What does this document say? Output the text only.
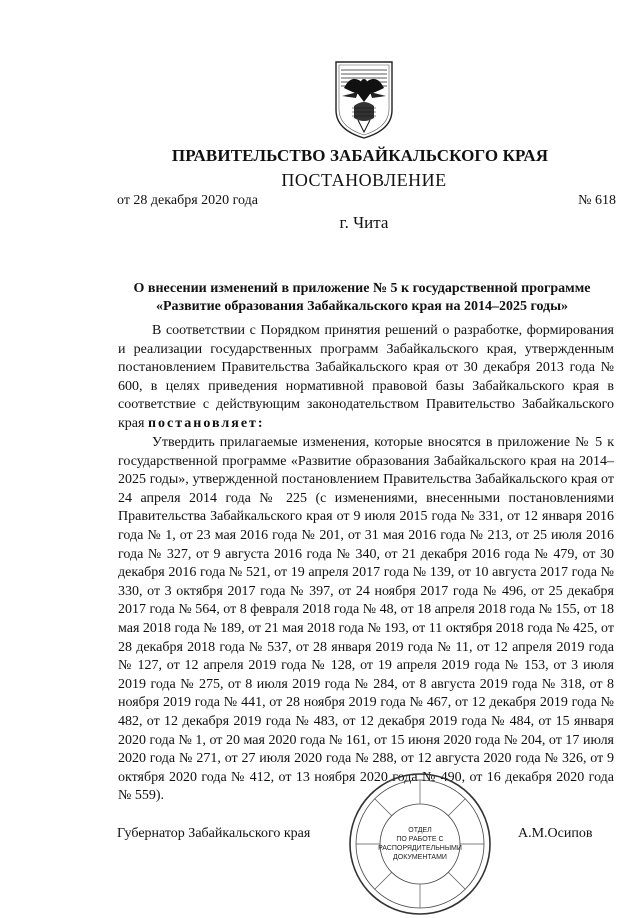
ПРАВИТЕЛЬСТВО ЗАБАЙКАЛЬСКОГО КРАЯ
ПОСТАНОВЛЕНИЕ
от 28 декабря 2020 года	№ 618
г. Чита
О внесении изменений в приложение № 5 к государственной программе
«Развитие образования Забайкальского края на 2014–2025 годы»

В соответствии с Порядком принятия решений о разработке, формирования и реализации государственных программ Забайкальского края, утвержденным постановлением Правительства Забайкальского края от 30 декабря 2013 года № 600, в целях приведения нормативной правовой базы Забайкальского края в соответствие с действующим законодательством Правительство Забайкальского края постановляет:

Утвердить прилагаемые изменения, которые вносятся в приложение № 5 к государственной программе «Развитие образования Забайкальского края на 2014–2025 годы», утвержденной постановлением Правительства Забайкальского края от 24 апреля 2014 года № 225 (с изменениями, внесенными постановлениями Правительства Забайкальского края от 9 июля 2015 года № 331, от 12 января 2016 года № 1, от 23 мая 2016 года № 201, от 31 мая 2016 года № 213, от 25 июля 2016 года № 327, от 9 августа 2016 года № 340, от 21 декабря 2016 года № 479, от 30 декабря 2016 года № 521, от 19 апреля 2017 года № 139, от 10 августа 2017 года № 330, от 3 октября 2017 года № 397, от 24 ноября 2017 года № 496, от 25 декабря 2017 года № 564, от 8 февраля 2018 года № 48, от 18 апреля 2018 года № 155, от 18 мая 2018 года № 189, от 21 мая 2018 года № 193, от 11 октября 2018 года № 425, от 28 декабря 2018 года № 537, от 28 января 2019 года № 11, от 12 апреля 2019 года № 127, от 12 апреля 2019 года № 128, от 19 апреля 2019 года № 153, от 3 июля 2019 года № 275, от 8 июля 2019 года № 284, от 8 августа 2019 года № 318, от 8 ноября 2019 года № 441, от 28 ноября 2019 года № 467, от 12 декабря 2019 года № 482, от 12 декабря 2019 года № 483, от 12 декабря 2019 года № 484, от 15 января 2020 года № 1, от 20 мая 2020 года № 161, от 15 июня 2020 года № 204, от 17 июля 2020 года № 271, от 27 июля 2020 года № 288, от 12 августа 2020 года № 326, от 9 октября 2020 года № 412, от 13 ноября 2020 года № 490, от 16 декабря 2020 года № 559).

Губернатор Забайкальского края	А.М.Осипов
ОТДЕЛ
ПО РАБОТЕ С
РАСПОРЯДИТЕЛЬНЫМИ
ДОКУМЕНТАМИ
